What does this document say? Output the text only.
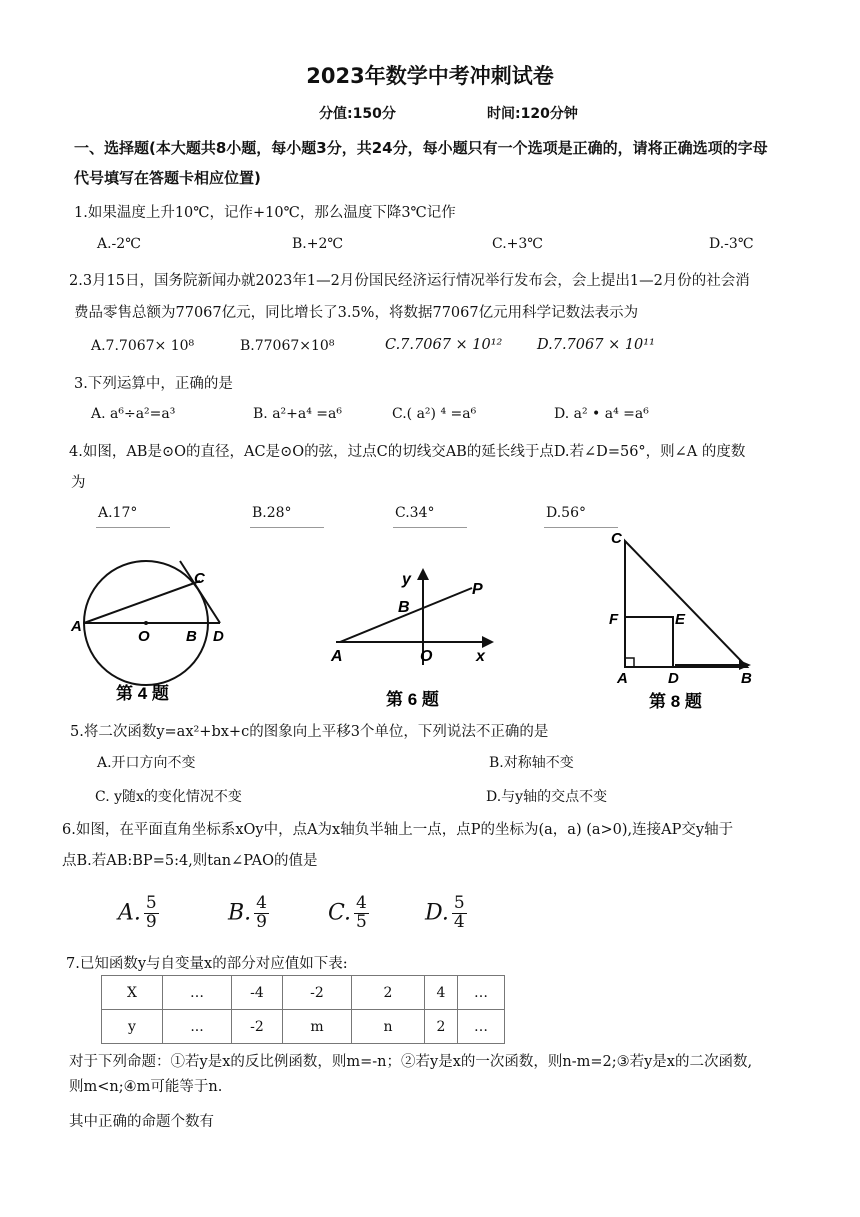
2023年数学中考冲刺试卷
分值:150分	时间:120分钟
一、选择题(本大题共8小题，每小题3分，共24分，每小题只有一个选项是正确的，请将正确选项的字母
代号填写在答题卡相应位置)
1.如果温度上升10℃，记作+10℃，那么温度下降3℃记作
A.-2℃	B.+2℃	C.+3℃	D.-3℃
2.3月15日，国务院新闻办就2023年1—2月份国民经济运行情况举行发布会，会上提出1—2月份的社会消
费品零售总额为77067亿元，同比增长了3.5%，将数据77067亿元用科学记数法表示为
A.7.7067× 10⁸	B.77067×10⁸	C.7.7067 × 10¹² D.7.7067 × 10¹¹
3.下列运算中，正确的是
A. a⁶÷a²=a³	B. a²+a⁴ =a⁶	C.( a²) ⁴ =a⁶	D. a² • a⁴ =a⁶
4.如图，AB是⊙O的直径，AC是⊙O的弦，过点C的切线交AB的延长线于点D.若∠D=56°，则∠A 的度数
为
A.17°	B.28°	C.34°	D.56°
A
O B D
C
第 4 题
y
B
P
A	O	x
第 6 题
C
F	E
A	D	B
第 8 题
5.将二次函数y=ax²+bx+c的图象向上平移3个单位，下列说法不正确的是
A.开口方向不变	B.对称轴不变
C. y随x的变化情况不变	D.与y轴的交点不变
6.如图，在平面直角坐标系xOy中，点A为x轴负半轴上一点，点P的坐标为(a，a) (a>0),连接AP交y轴于
点B.若AB:BP=5:4,则tan∠PAO的值是
A. $\frac{5}{9}$	B. $\frac{4}{9}$	C. $\frac{4}{5}$	D. $\frac{5}{4}$
7.已知函数y与自变量x的部分对应值如下表:
X	…	-4	-2	2	4	…
y	...	-2	m	n	2	…
对于下列命题：①若y是x的反比例函数，则m=-n；②若y是x的一次函数，则n-m=2;③若y是x的二次函数,
则m<n;④m可能等于n.
其中正确的命题个数有
